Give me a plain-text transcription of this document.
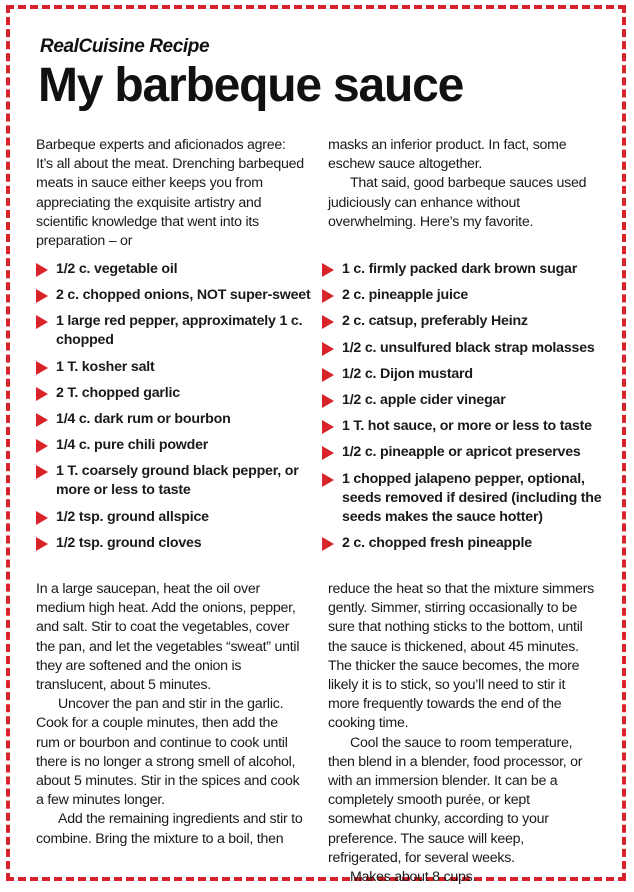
RealCuisine Recipe
My barbeque sauce

Barbeque experts and aficionados agree: It’s all about the meat. Drenching barbequed meats in sauce either keeps you from appreciating the exquisite artistry and scientific knowledge that went into its preparation – or

masks an inferior product. In fact, some eschew sauce altogether.

That said, good barbeque sauces used judiciously can enhance without overwhelming. Here’s my favorite.

1/2 c. vegetable oil
2 c. chopped onions, NOT super-sweet
1 large red pepper, approximately 1 c. chopped
1 T. kosher salt
2 T. chopped garlic
1/4 c. dark rum or bourbon
1/4 c. pure chili powder
1 T. coarsely ground black pepper, or more or less to taste
1/2 tsp. ground allspice
1/2 tsp. ground cloves
1 c. firmly packed dark brown sugar
2 c. pineapple juice
2 c. catsup, preferably Heinz
1/2 c. unsulfured black strap molasses
1/2 c. Dijon mustard
1/2 c. apple cider vinegar
1 T. hot sauce, or more or less to taste
1/2 c. pineapple or apricot preserves
1 chopped jalapeno pepper, optional, seeds removed if desired (including the seeds makes the sauce hotter)
2 c. chopped fresh pineapple

In a large saucepan, heat the oil over medium high heat. Add the onions, pepper, and salt. Stir to coat the vegetables, cover the pan, and let the vegetables “sweat” until they are softened and the onion is translucent, about 5 minutes.

Uncover the pan and stir in the garlic. Cook for a couple minutes, then add the rum or bourbon and continue to cook until there is no longer a strong smell of alcohol, about 5 minutes. Stir in the spices and cook a few minutes longer.

Add the remaining ingredients and stir to combine. Bring the mixture to a boil, then

reduce the heat so that the mixture simmers gently. Simmer, stirring occasionally to be sure that nothing sticks to the bottom, until the sauce is thickened, about 45 minutes. The thicker the sauce becomes, the more likely it is to stick, so you’ll need to stir it more frequently towards the end of the cooking time.

Cool the sauce to room temperature, then blend in a blender, food processor, or with an immersion blender. It can be a completely smooth purée, or kept somewhat chunky, according to your preference. The sauce will keep, refrigerated, for several weeks.

Makes about 8 cups.
